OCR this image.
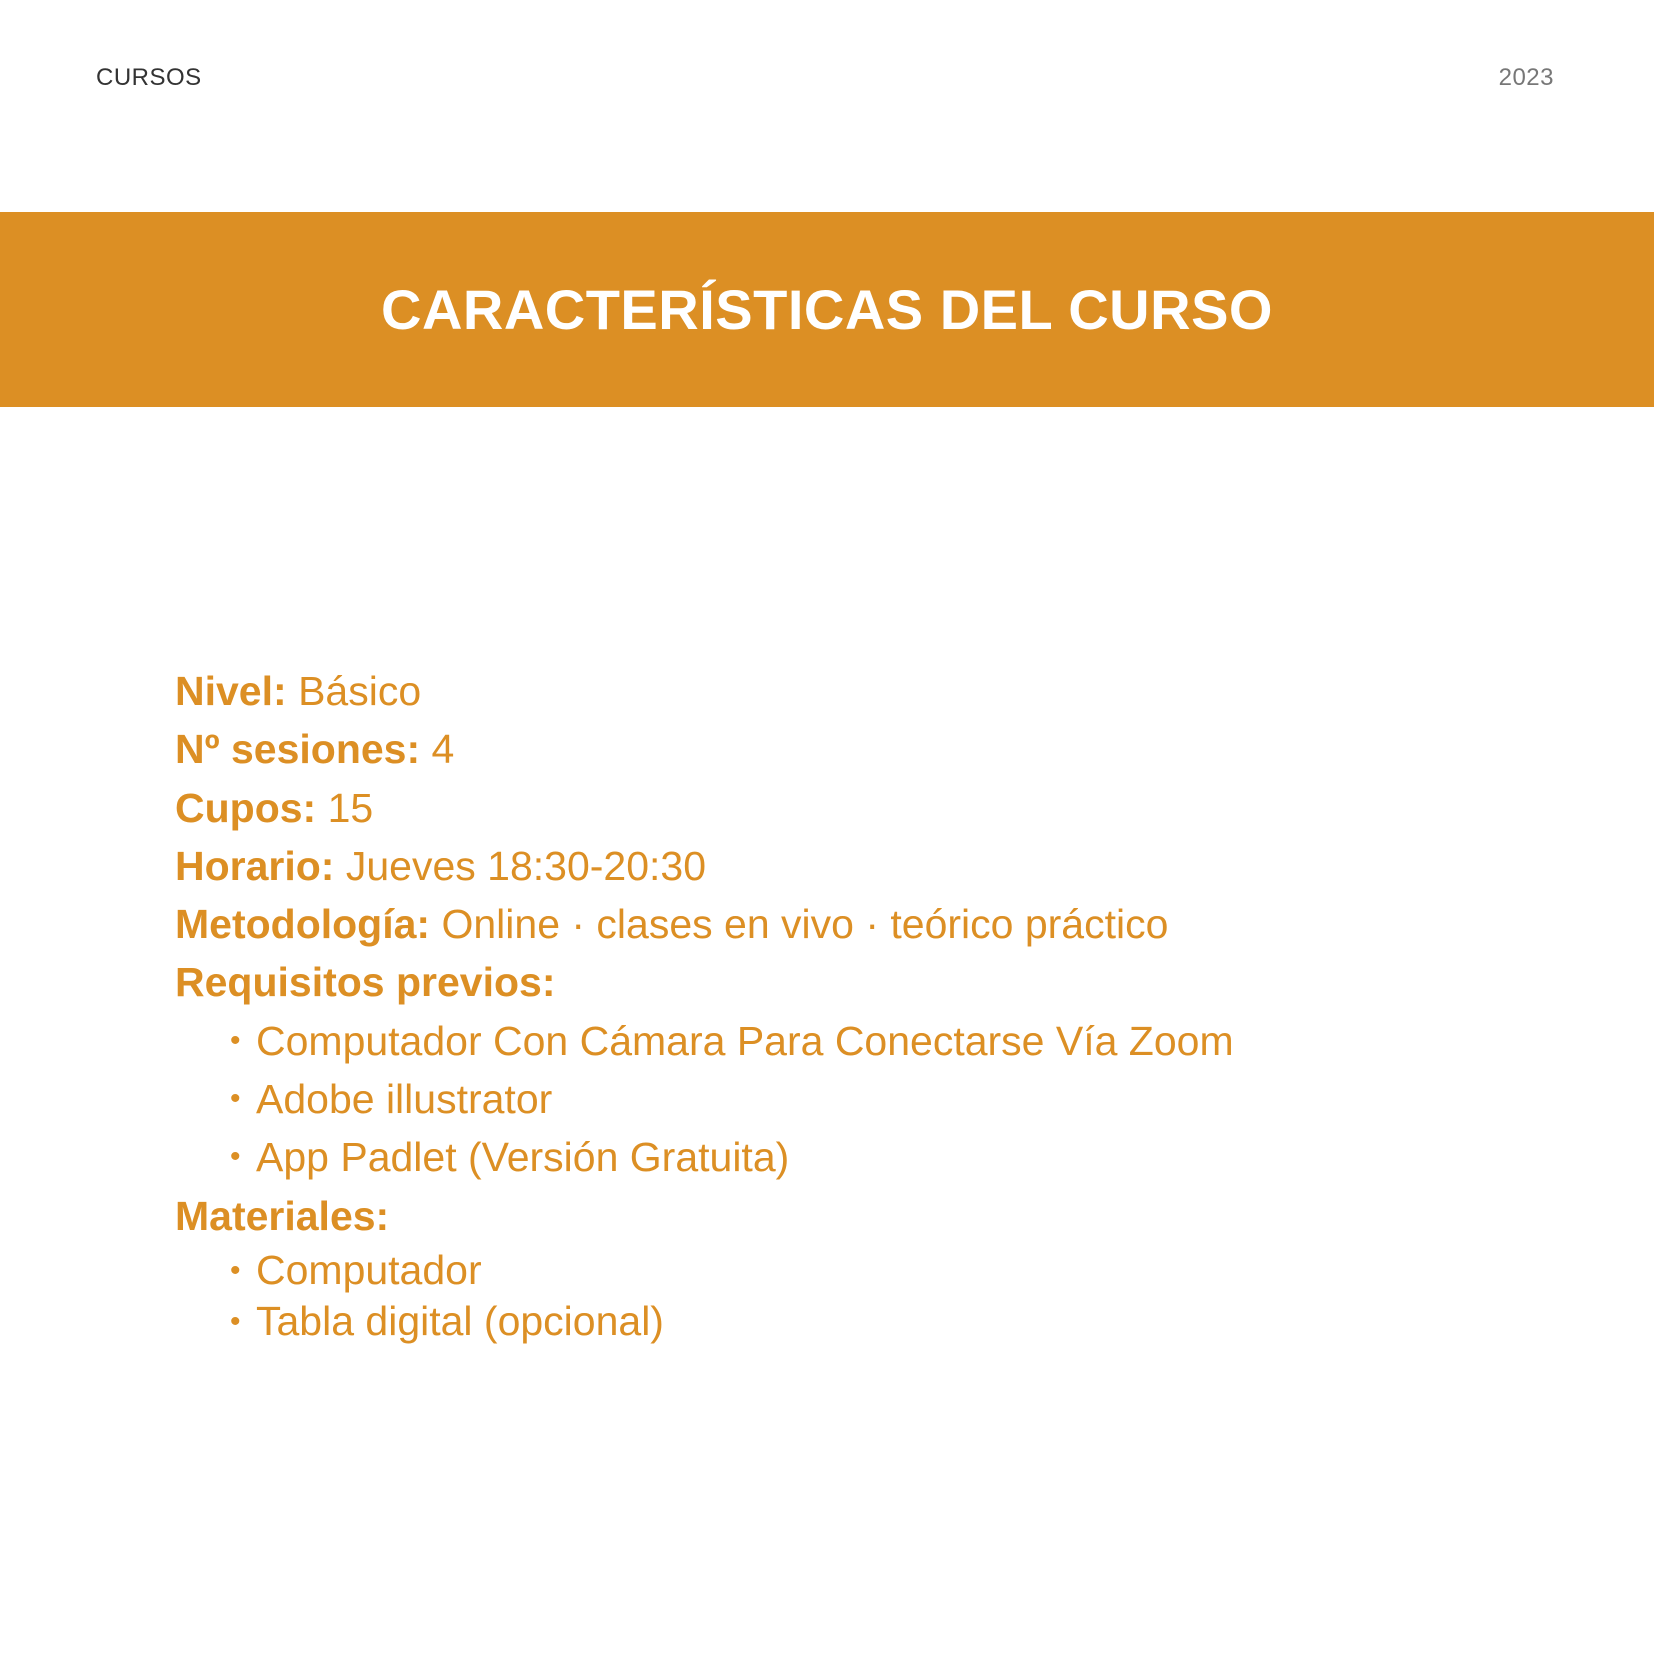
CURSOS	2023
CARACTERÍSTICAS DEL CURSO
Nivel: Básico
Nº sesiones: 4
Cupos: 15
Horario: Jueves 18:30-20:30
Metodología: Online · clases en vivo · teórico práctico
Requisitos previos:
• Computador Con Cámara Para Conectarse Vía Zoom
• Adobe illustrator
• App Padlet (Versión Gratuita)
Materiales:
• Computador
• Tabla digital (opcional)
